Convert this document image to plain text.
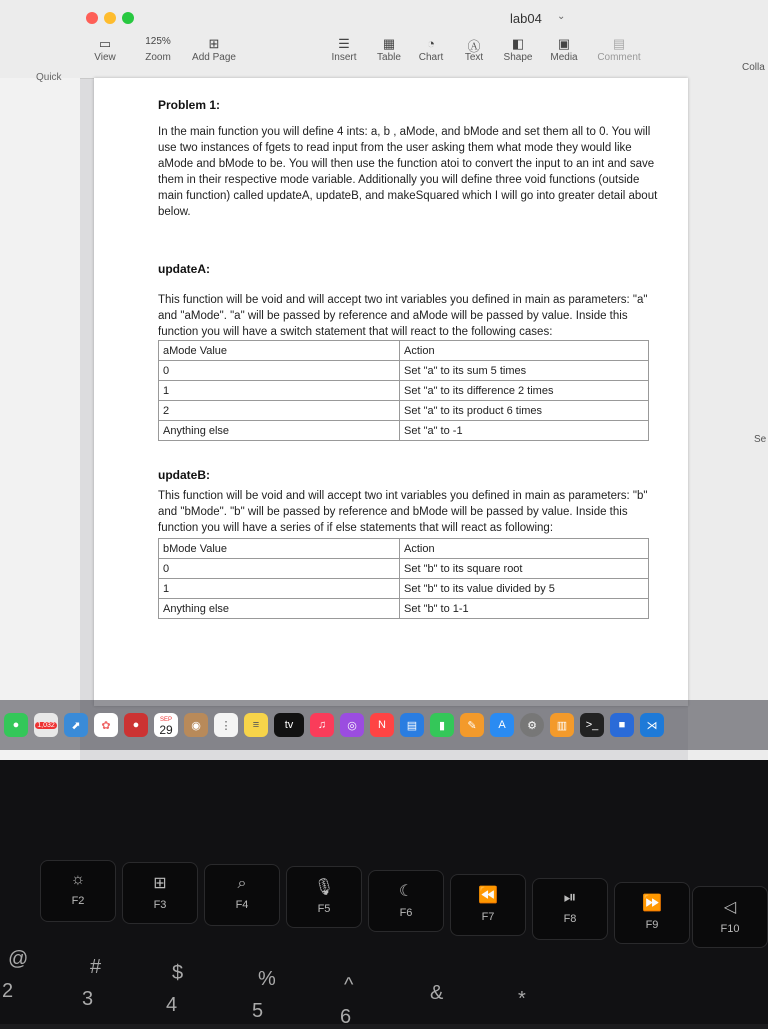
lab04 ⌄
▭
View
125%
Zoom
⊞
Add Page
☰
Insert
▦
Table
◔
Chart
Ⓐ
Text
◧
Shape
▣
Media
▤
Comment
Colla
Quick
Se
Problem 1:
In the main function you will define 4 ints: a, b , aMode, and bMode and set them all to 0. You will use two instances of fgets to read input from the user asking them what mode they would like aMode and bMode to be. You will then use the function atoi to convert the input to an int and save them in their respective mode variable. Additionally you will define three void functions (outside main function) called updateA, updateB, and makeSquared which I will go into greater detail about below.
updateA:
This function will be void and will accept two int variables you defined in main as parameters: "a" and "aMode". "a" will be passed by reference and aMode will be passed by value. Inside this function you will have a switch statement that will react to the following cases:
aMode Value	Action
0	Set "a" to its sum 5 times
1	Set "a" to its difference 2 times
2	Set "a" to its product 6 times
Anything else	Set "a" to -1
updateB:
This function will be void and will accept two int variables you defined in main as parameters: "b" and "bMode". "b" will be passed by reference and bMode will be passed by value. Inside this function you will have a series of if else statements that will react as following:
bMode Value	Action
0	Set "b" to its square root
1	Set "b" to its value divided by 5
Anything else	Set "b" to 1-1
●	1,032	⬈	✿	●	SEP
29	◉	⋮	≡	tv	♫	◎	N	▤	▮	✎	A	⚙	▥	>_	■	⋊
☼
F2
⊞
F3
⌕
F4
🎙
F5
☾
F6
⏪
F7
⏯
F8
⏩
F9
◁
F10
@
2
#
3
$
4
%
5
^
6
&	*
